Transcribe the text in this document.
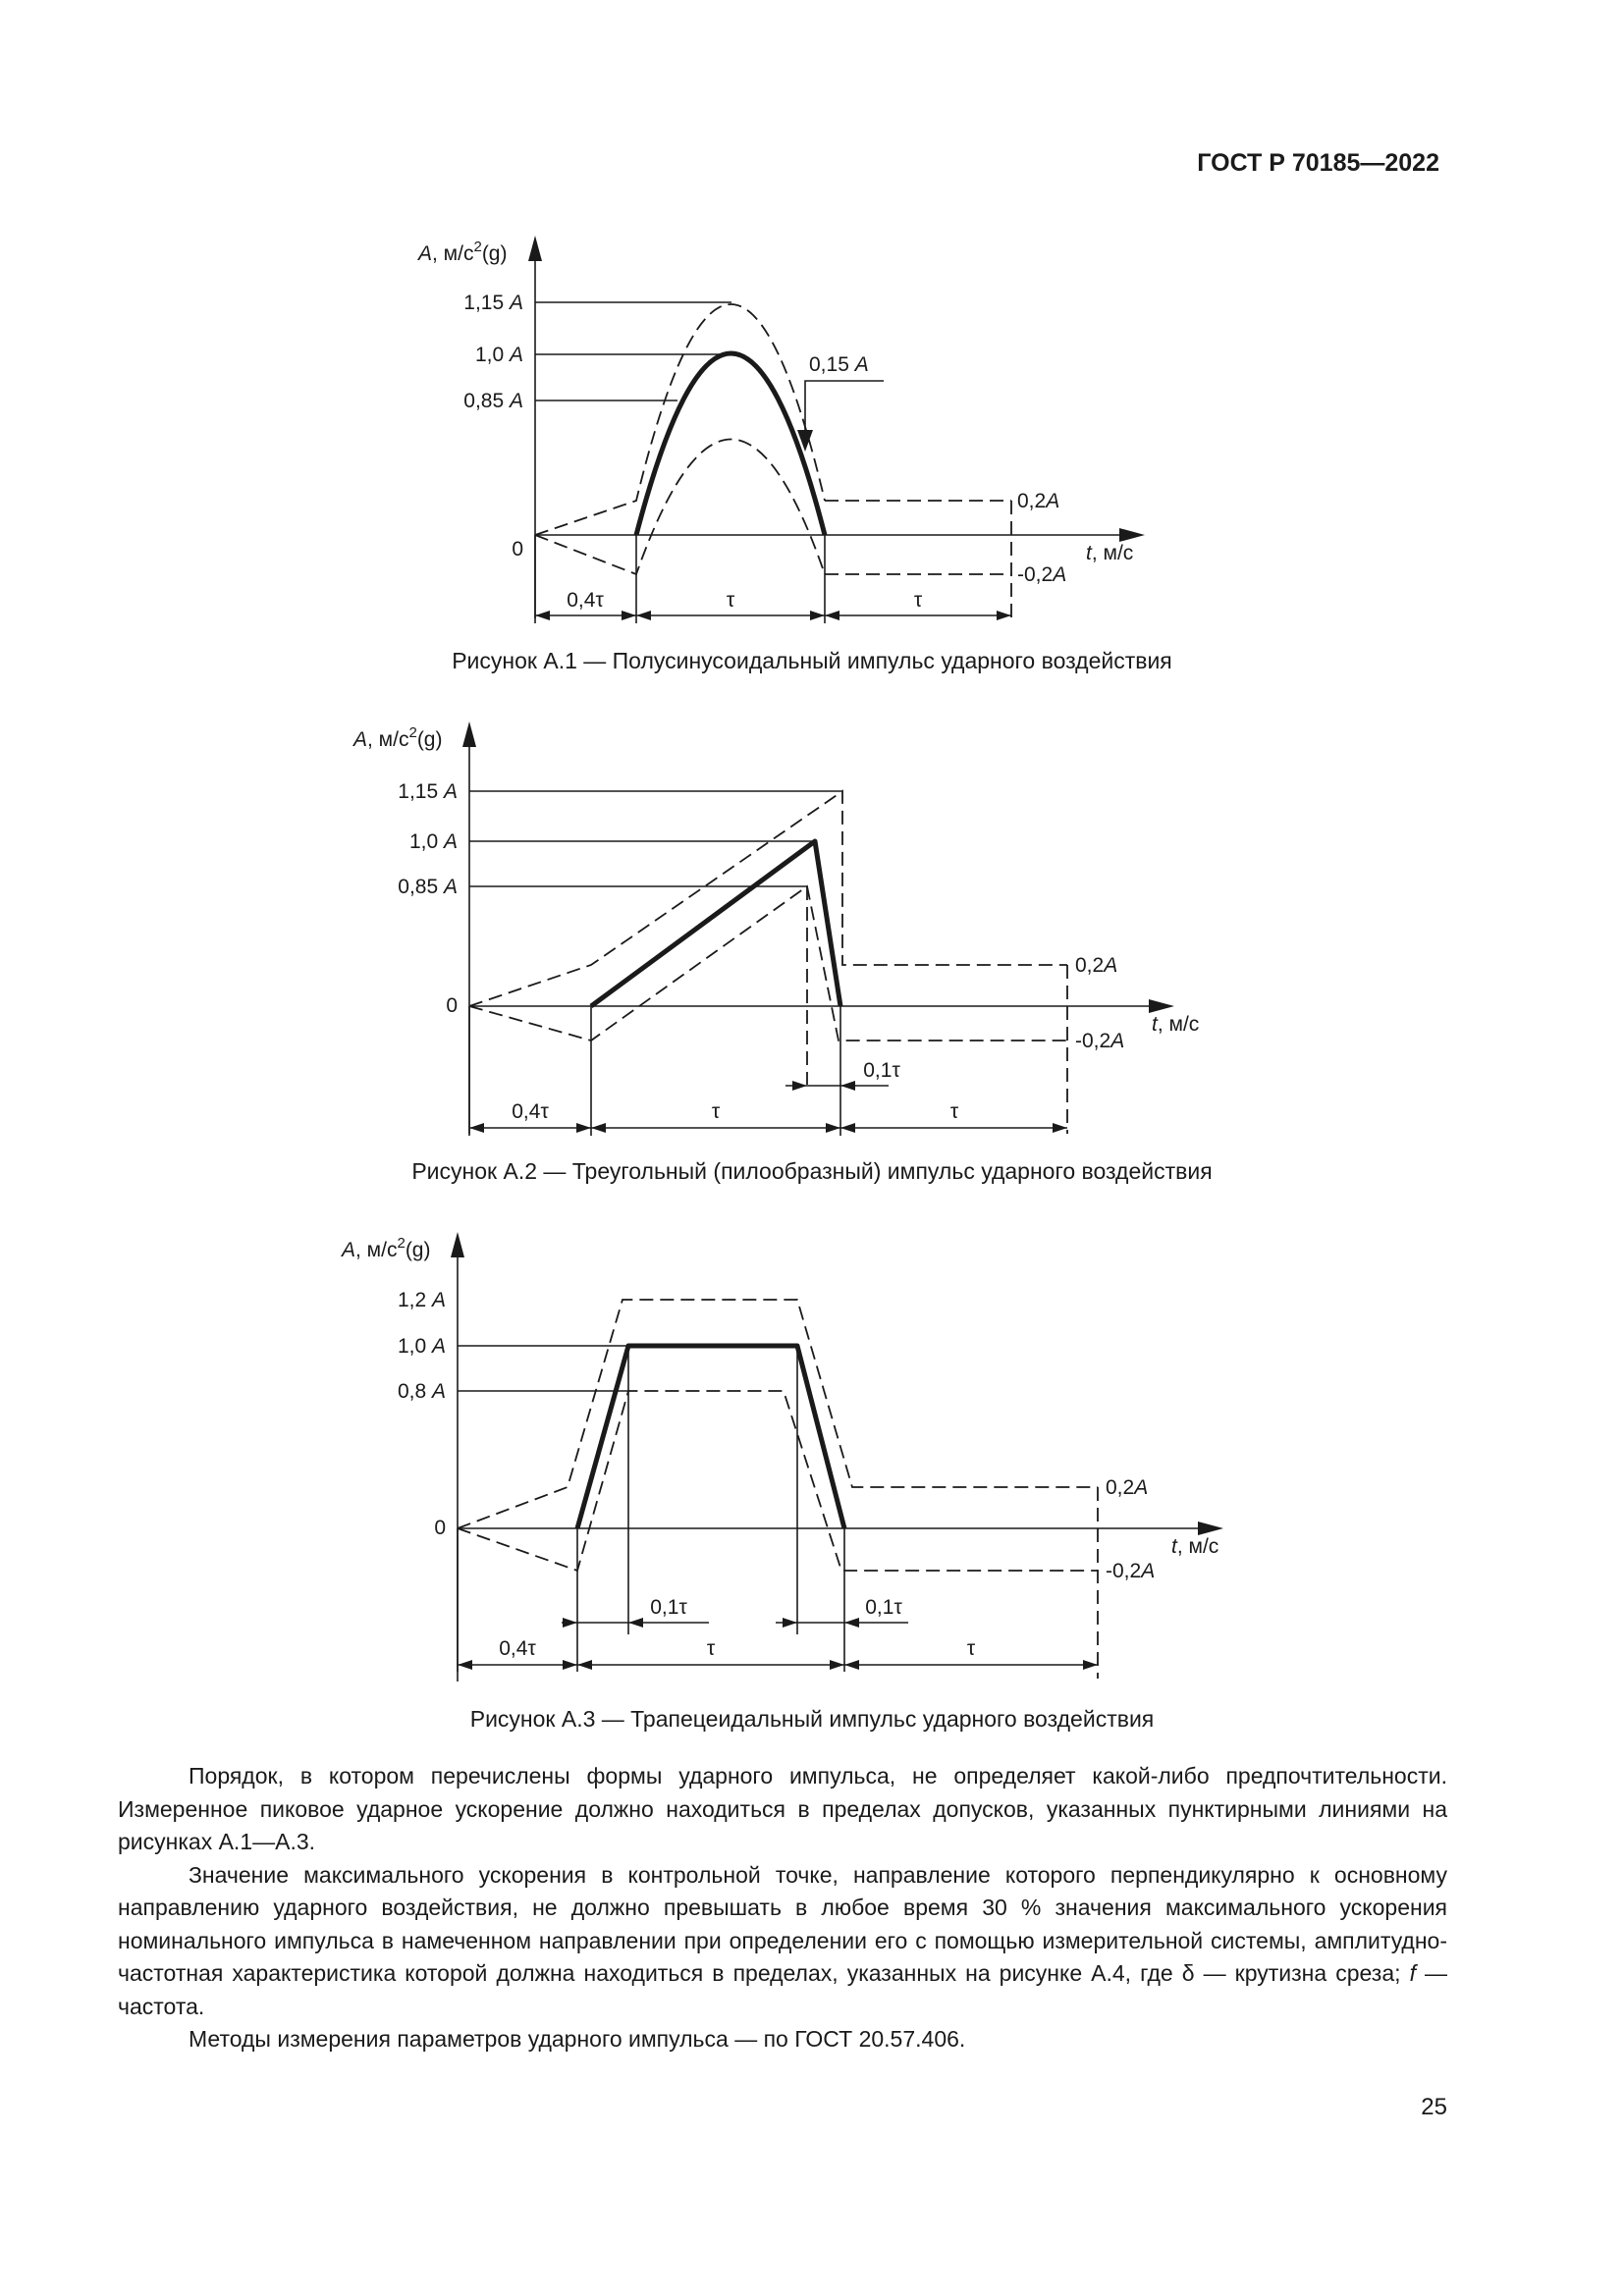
ГОСТ Р 70185—2022
A, $м/с^2(g)$
1,15 A
1,0 A
0,85 A
0
0,15 A
0,2A
-0,2A
t, м/с
0,4τ	τ	τ
Рисунок А.1 — Полусинусоидальный импульс ударного воздействия
A, $м/с^2(g)$
1,15 A
1,0 A
0,85 A
0
0,2A
-0,2A
t, м/с
0,1τ
0,4τ	τ	τ
Рисунок А.2 — Треугольный (пилообразный) импульс ударного воздействия
A, $м/с^2(g)$
1,2 A
1,0 A
0,8 A
0
0,2A
-0,2A
t, м/с
0,1τ	0,1τ
0,4τ	τ	τ
Рисунок А.3 — Трапецеидальный импульс ударного воздействия

Порядок, в котором перечислены формы ударного импульса, не определяет какой-либо предпочтительности. Измеренное пиковое ударное ускорение должно находиться в пределах допусков, указанных пунктирными линиями на рисунках А.1—А.3.

Значение максимального ускорения в контрольной точке, направление которого перпендикулярно к основному направлению ударного воздействия, не должно превышать в любое время 30 % значения максимального ускорения номинального импульса в намеченном направлении при определении его с помощью измерительной системы, амплитудно-частотная характеристика которой должна находиться в пределах, указанных на рисунке А.4, где δ — крутизна среза; f — частота.

Методы измерения параметров ударного импульса — по ГОСТ 20.57.406.

25
